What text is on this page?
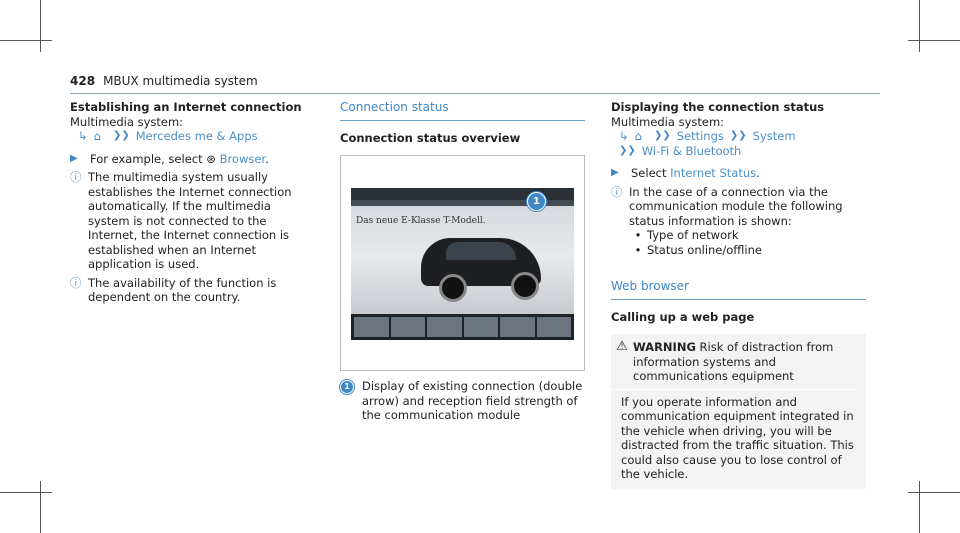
428 MBUX multimedia system
Establishing an Internet connection
Multimedia system:
↳ ⌂ ❯❯ Mercedes me & Apps
▶	For example, select ⊛ Browser.
ⓘ The multimedia system usually establishes the Internet connection automatically. If the multimedia system is not connected to the Internet, the Internet connection is established when an Internet application is used.
ⓘ The availability of the function is dependent on the country.
Connection status
Connection status overview
Das neue E-Klasse T-Modell.
1
1	Display of existing connection (double arrow) and reception field strength of the communication module
Displaying the connection status
Multimedia system:
↳ ⌂ ❯❯ Settings ❯❯ System
❯❯ Wi-Fi & Bluetooth
▶	Select Internet Status.
ⓘ In the case of a connection via the communication module the following status information is shown:
• Type of network
• Status online/offline
Web browser
Calling up a web page
⚠ WARNING Risk of distraction from information systems and communications equipment
If you operate information and communication equipment integrated in the vehicle when driving, you will be distracted from the traffic situation. This could also cause you to lose control of the vehicle.
